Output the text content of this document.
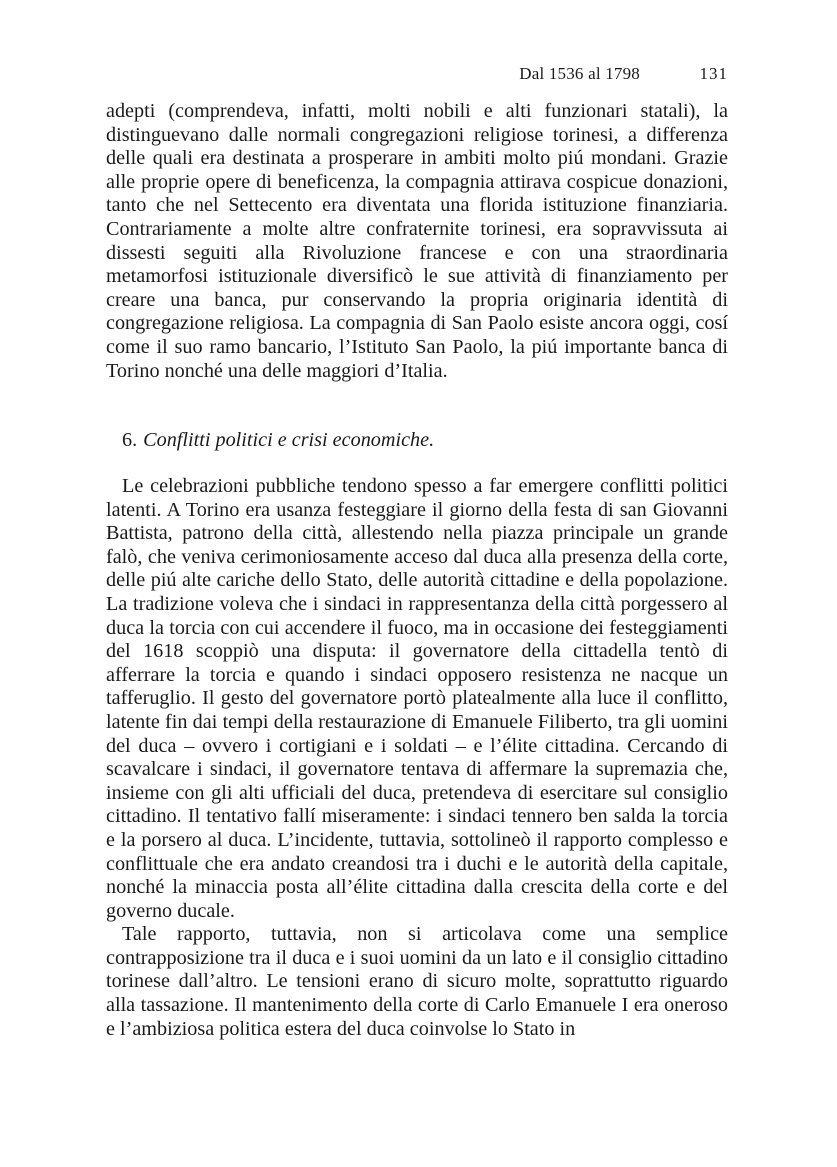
Dal 1536 al 1798	131

adepti (comprendeva, infatti, molti nobili e alti funzionari statali), la distinguevano dalle normali congregazioni religiose torinesi, a differenza delle quali era destinata a prosperare in ambiti molto piú mondani. Grazie alle proprie opere di beneficenza, la compagnia attirava cospicue donazioni, tanto che nel Settecento era diventata una florida istituzione finanziaria. Contrariamente a molte altre confraternite torinesi, era sopravvissuta ai dissesti seguiti alla Rivoluzione francese e con una straordinaria metamorfosi istituzionale diversificò le sue attività di finanziamento per creare una banca, pur conservando la propria originaria identità di congregazione religiosa. La compagnia di San Paolo esiste ancora oggi, cosí come il suo ramo bancario, l’Istituto San Paolo, la piú importante banca di Torino nonché una delle maggiori d’Italia.

6. Conflitti politici e crisi economiche.

Le celebrazioni pubbliche tendono spesso a far emergere conflitti politici latenti. A Torino era usanza festeggiare il giorno della festa di san Giovanni Battista, patrono della città, allestendo nella piazza principale un grande falò, che veniva cerimoniosamente acceso dal duca alla presenza della corte, delle piú alte cariche dello Stato, delle autorità cittadine e della popolazione. La tradizione voleva che i sindaci in rappresentanza della città porgessero al duca la torcia con cui accendere il fuoco, ma in occasione dei festeggiamenti del 1618 scoppiò una disputa: il governatore della cittadella tentò di afferrare la torcia e quando i sindaci opposero resistenza ne nacque un tafferuglio. Il gesto del governatore portò platealmente alla luce il conflitto, latente fin dai tempi della restaurazione di Emanuele Filiberto, tra gli uomini del duca – ovvero i cortigiani e i soldati – e l’élite cittadina. Cercando di scavalcare i sindaci, il governatore tentava di affermare la supremazia che, insieme con gli alti ufficiali del duca, pretendeva di esercitare sul consiglio cittadino. Il tentativo fallí miseramente: i sindaci tennero ben salda la torcia e la porsero al duca. L’incidente, tuttavia, sottolineò il rapporto complesso e conflittuale che era andato creandosi tra i duchi e le autorità della capitale, nonché la minaccia posta all’élite cittadina dalla crescita della corte e del governo ducale.

Tale rapporto, tuttavia, non si articolava come una semplice contrapposizione tra il duca e i suoi uomini da un lato e il consiglio cittadino torinese dall’altro. Le tensioni erano di sicuro molte, soprattutto riguardo alla tassazione. Il mantenimento della corte di Carlo Emanuele I era oneroso e l’ambiziosa politica estera del duca coinvolse lo Stato in
